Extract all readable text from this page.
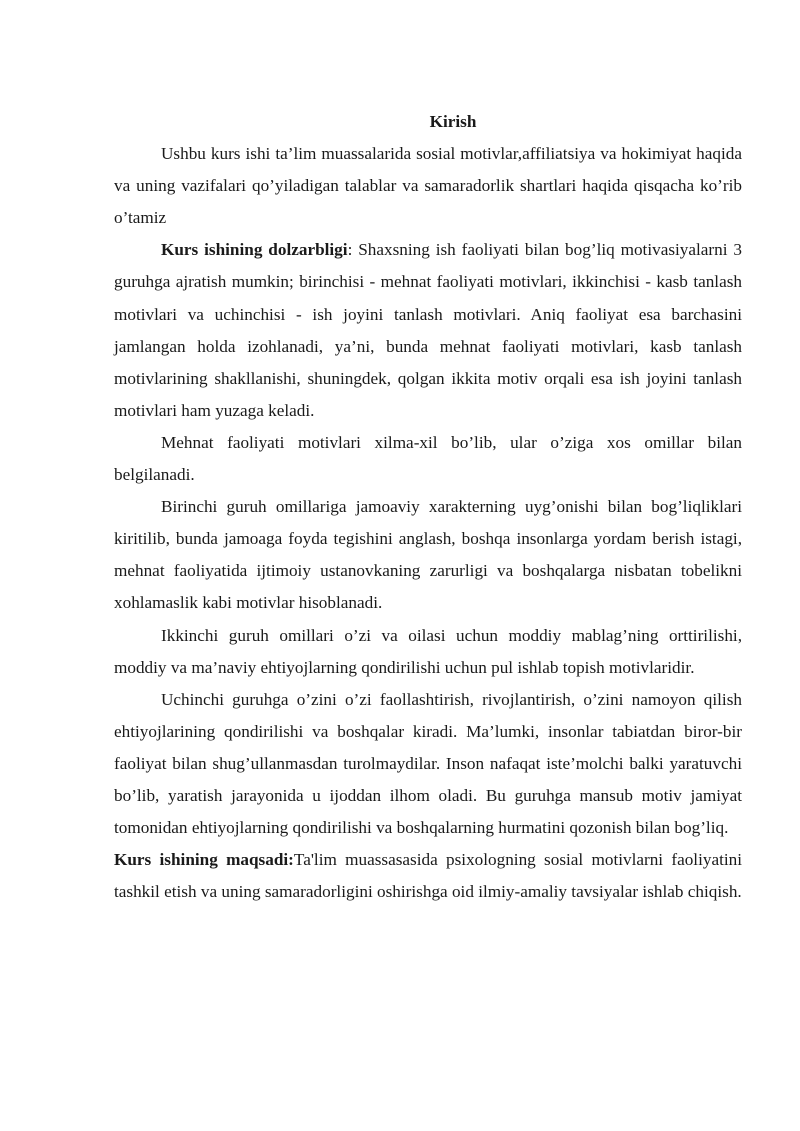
Kirish

Ushbu kurs ishi ta’lim muassalarida sosial motivlar,affiliatsiya va hokimiyat haqida va uning vazifalari qo’yiladigan talablar va samaradorlik shartlari haqida qisqacha ko’rib o’tamiz

Kurs ishining dolzarbligi: Shaxsning ish faoliyati bilan bog’liq motivasiyalarni 3 guruhga ajratish mumkin; birinchisi - mehnat faoliyati motivlari, ikkinchisi - kasb tanlash motivlari va uchinchisi - ish joyini tanlash motivlari. Aniq faoliyat esa barchasini jamlangan holda izohlanadi, ya’ni, bunda mehnat faoliyati motivlari, kasb tanlash motivlarining shakllanishi, shuningdek, qolgan ikkita motiv orqali esa ish joyini tanlash motivlari ham yuzaga keladi.

Mehnat faoliyati motivlari xilma-xil bo’lib, ular o’ziga xos omillar bilan belgilanadi.

Birinchi guruh omillariga jamoaviy xarakterning uyg’onishi bilan bog’liqliklari kiritilib, bunda jamoaga foyda tegishini anglash, boshqa insonlarga yordam berish istagi, mehnat faoliyatida ijtimoiy ustanovkaning zarurligi va boshqalarga nisbatan tobelikni xohlamaslik kabi motivlar hisoblanadi.

Ikkinchi guruh omillari o’zi va oilasi uchun moddiy mablag’ning orttirilishi, moddiy va ma’naviy ehtiyojlarning qondirilishi uchun pul ishlab topish motivlaridir.

Uchinchi guruhga o’zini o’zi faollashtirish, rivojlantirish, o’zini namoyon qilish ehtiyojlarining qondirilishi va boshqalar kiradi. Ma’lumki, insonlar tabiatdan biror-bir faoliyat bilan shug’ullanmasdan turolmaydilar. Inson nafaqat iste’molchi balki yaratuvchi bo’lib, yaratish jarayonida u ijoddan ilhom oladi. Bu guruhga mansub motiv jamiyat tomonidan ehtiyojlarning qondirilishi va boshqalarning hurmatini qozonish bilan bog’liq.

Kurs ishining maqsadi:Ta'lim muassasasida psixologning sosial motivlarni faoliyatini tashkil etish va uning samaradorligini oshirishga oid ilmiy-amaliy tavsiyalar ishlab chiqish.
